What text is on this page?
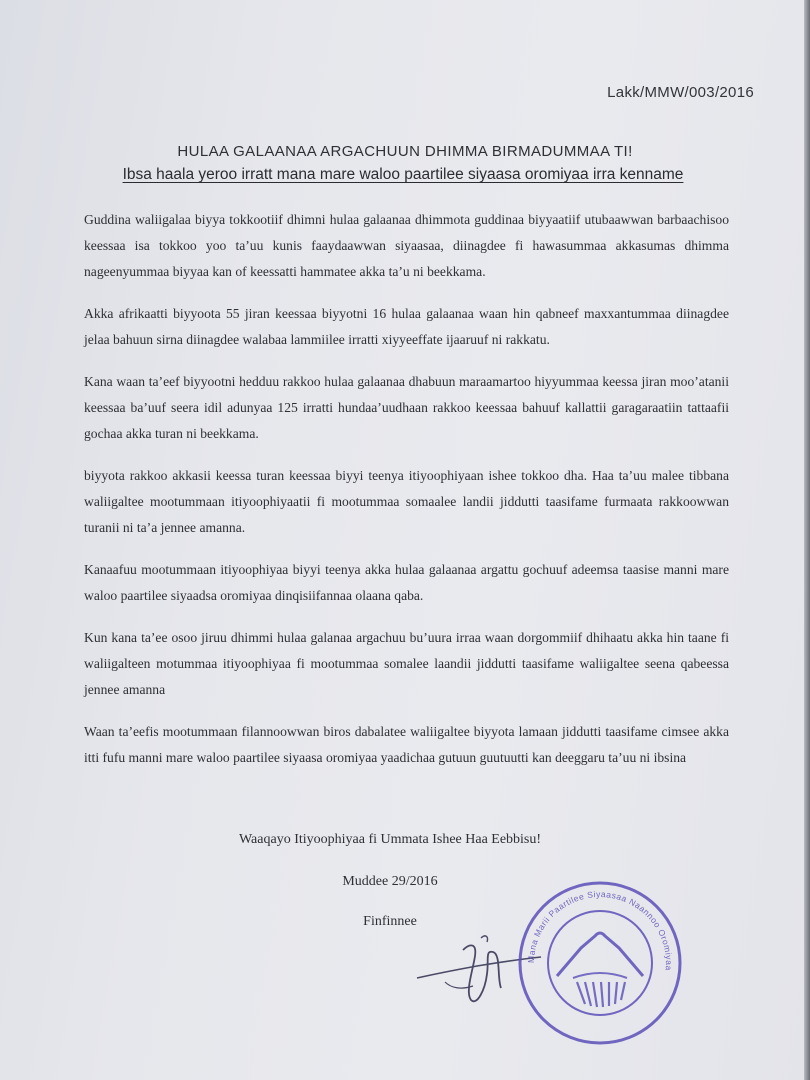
Lakk/MMW/003/2016
HULAA GALAANAA ARGACHUUN DHIMMA BIRMADUMMAA TI!
Ibsa haala yeroo irratt mana mare waloo paartilee siyaasa oromiyaa irra kenname

Guddina waliigalaa biyya tokkootiif dhimni hulaa galaanaa dhimmota guddinaa biyyaatiif utubaawwan barbaachisoo keessaa isa tokkoo yoo ta’uu kunis faaydaawwan siyaasaa, diinagdee fi hawasummaa akkasumas dhimma nageenyummaa biyyaa kan of keessatti hammatee akka ta’u ni beekkama.

Akka afrikaatti biyyoota 55 jiran keessaa biyyotni 16 hulaa galaanaa waan hin qabneef maxxantummaa diinagdee jelaa bahuun sirna diinagdee walabaa lammiilee irratti xiyyeeffate ijaaruuf ni rakkatu.

Kana waan ta’eef biyyootni hedduu rakkoo hulaa galaanaa dhabuun maraamartoo hiyyummaa keessa jiran moo’atanii keessaa ba’uuf seera idil adunyaa 125 irratti hundaa’uudhaan rakkoo keessaa bahuuf kallattii garagaraatiin tattaafii gochaa akka turan ni beekkama.

biyyota rakkoo akkasii keessa turan keessaa biyyi teenya itiyoophiyaan ishee tokkoo dha. Haa ta’uu malee tibbana waliigaltee mootummaan itiyoophiyaatii fi mootummaa somaalee landii jiddutti taasifame furmaata rakkoowwan turanii ni ta’a jennee amanna.

Kanaafuu mootummaan itiyoophiyaa biyyi teenya akka hulaa galaanaa argattu gochuuf adeemsa taasise manni mare waloo paartilee siyaadsa oromiyaa dinqisiifannaa olaana qaba.

Kun kana ta’ee osoo jiruu dhimmi hulaa galanaa argachuu bu’uura irraa waan dorgommiif dhihaatu akka hin taane fi waliigalteen motummaa itiyoophiyaa fi mootummaa somalee laandii jiddutti taasifame waliigaltee seena qabeessa jennee amanna

Waan ta’eefis mootummaan filannoowwan biros dabalatee waliigaltee biyyota lamaan jiddutti taasifame cimsee akka itti fufu manni mare waloo paartilee siyaasa oromiyaa yaadichaa gutuun guutuutti kan deeggaru ta’uu ni ibsina

Waaqayo Itiyoophiyaa fi Ummata Ishee Haa Eebbisu!
Muddee 29/2016
Finfinnee
Mana Marii Paartilee Siyaasaa Naannoo Oromiyaa
